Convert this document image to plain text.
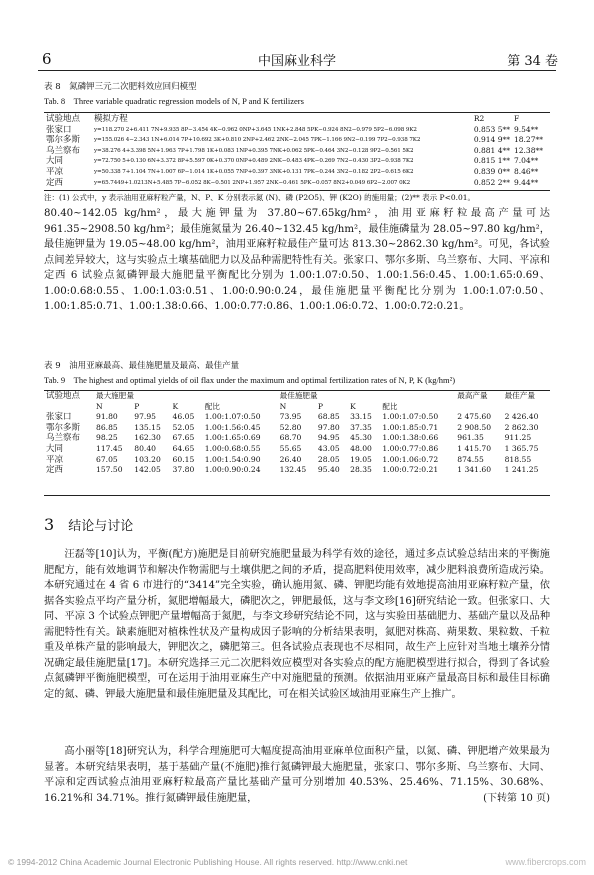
6	中国麻业科学	第 34 卷
表 8　氮磷钾三元二次肥料效应回归模型
Tab. 8　Three variable quadratic regression models of N, P and K fertilizers
试验地点	模拟方程	R2	F
张家口	y=118.270 2+6.411 7N+9.935 8P−3.454 4K−0.962 0NP+3.645 1NK+2.848 5PK−0.924 8N2−0.979 5P2−6.098 9K2	0.853 5**	9.54**
鄂尔多斯	y=155.026 4−2.343 1N+6.014 7P+10.692 3K+0.810 2NP+2.462 2NK−2.045 7PK−1.166 9N2−0.199 7P2−0.938 7K2	0.914 9**	18.27**
乌兰察布	y=38.276 4+3.398 5N+1.963 7P+1.798 1K+0.083 1NP+0.395 7NK+0.062 5PK−0.464 3N2−0.128 9P2−0.561 5K2	0.881 4**	12.38**
大同	y=72.750 5+0.130 6N+3.372 8P+5.597 0K+0.370 0NP+0.489 2NK−0.483 4PK−0.269 7N2−0.430 3P2−0.938 7K2	0.815 1**	7.04**
平凉	y=50.338 7+1.104 7N+1.007 6P−1.014 1K+0.055 7NP+0.397 3NK+0.131 7PK−0.244 3N2−0.182 2P2−0.615 6K2	0.839 0**	8.46**
定西	y=65.7449+1.0213N+5.485 7P−6.052 8K−0.501 2NP+1.957 2NK−0.461 5PK−0.057 8N2+0.049 6P2−2.007 0K2	0.852 2**	9.44**
注：(1) 公式中，y 表示油用亚麻籽粒产量，N、P、K 分别表示氮 (N)、磷 (P2O5)、钾 (K2O) 的施用量；(2)** 表示 P<0.01。
80.40~142.05 kg/hm²，最大施钾量为 37.80~67.65kg/hm²，油用亚麻籽粒最高产量可达 961.35~2908.50 kg/hm²；最佳施氮量为 26.40~132.45 kg/hm²，最佳施磷量为 28.05~97.80 kg/hm²，最佳施钾量为 19.05~48.00 kg/hm²，油用亚麻籽粒最佳产量可达 813.30~2862.30 kg/hm²。可见，各试验点间差异较大，这与实验点土壤基础肥力以及品种需肥特性有关。张家口、鄂尔多斯、乌兰察布、大同、平凉和定西 6 试验点氮磷钾最大施肥量平衡配比分别为 1.00:1.07:0.50、1.00:1.56:0.45、1.00:1.65:0.69、1.00:0.68:0.55、1.00:1.03:0.51、1.00:0.90:0.24，最佳施肥量平衡配比分别为 1.00:1.07:0.50、1.00:1.85:0.71、1.00:1.38:0.66、1.00:0.77:0.86、1.00:1.06:0.72、1.00:0.72:0.21。
表 9　油用亚麻最高、最佳施肥量及最高、最佳产量
Tab. 9　The highest and optimal yields of oil flax under the maximum and optimal fertilization rates of N, P, K (kg/hm²)
试验地点	最大施肥量				最佳施肥量				最高产量	最佳产量
	N	P	K	配比	N	P	K	配比		
张家口	91.80	97.95	46.05	1.00:1.07:0.50	73.95	68.85	33.15	1.00:1.07:0.50	2 475.60	2 426.40
鄂尔多斯	86.85	135.15	52.05	1.00:1.56:0.45	52.80	97.80	37.35	1.00:1.85:0.71	2 908.50	2 862.30
乌兰察布	98.25	162.30	67.65	1.00:1.65:0.69	68.70	94.95	45.30	1.00:1.38:0.66	961.35	911.25
大同	117.45	80.40	64.65	1.00:0.68:0.55	55.65	43.05	48.00	1.00:0.77:0.86	1 415.70	1 365.75
平凉	67.05	103.20	60.15	1.00:1.54:0.90	26.40	28.05	19.05	1.00:1.06:0.72	874.55	818.55
定西	157.50	142.05	37.80	1.00:0.90:0.24	132.45	95.40	28.35	1.00:0.72:0.21	1 341.60	1 241.25
3 结论与讨论
汪磊等[10]认为，平衡(配方)施肥是目前研究施肥量最为科学有效的途径，通过多点试验总结出来的平衡施肥配方，能有效地调节和解决作物需肥与土壤供肥之间的矛盾，提高肥料使用效率，减少肥料浪费所造成污染。本研究通过在 4 省 6 市进行的“3414”完全实验，确认施用氮、磷、钾肥均能有效地提高油用亚麻籽粒产量，依据各实验点平均产量分析，氮肥增幅最大，磷肥次之，钾肥最低，这与李文珍[16]研究结论一致。但张家口、大同、平凉 3 个试验点钾肥产量增幅高于氮肥，与李文珍研究结论不同，这与实验田基础肥力、基础产量以及品种需肥特性有关。缺素施肥对植株性状及产量构成因子影响的分析结果表明，氮肥对株高、蒴果数、果粒数、千粒重及单株产量的影响最大，钾肥次之，磷肥第三。但各试验点表现也不尽相同，故生产上应针对当地土壤养分情况确定最佳施肥量[17]。本研究选择三元二次肥料效应模型对各实验点的配方施肥模型进行拟合，得到了各试验点氮磷钾平衡施肥模型，可在运用于油用亚麻生产中对施肥量的预测。依据油用亚麻产量最高目标和最佳目标确定的氮、磷、钾最大施肥量和最佳施肥量及其配比，可在相关试验区域油用亚麻生产上推广。
高小丽等[18]研究认为，科学合理施肥可大幅度提高油用亚麻单位面积产量，以氮、磷、钾肥增产效果最为显著。本研究结果表明，基于基础产量(不施肥)推行氮磷钾最大施肥量，张家口、鄂尔多斯、乌兰察布、大同、平凉和定西试验点油用亚麻籽粒最高产量比基础产量可分别增加 40.53%、25.46%、71.15%、30.68%、16.21%和 34.71%。推行氮磷钾最佳施肥量，	(下转第 10 页)
© 1994-2012 China Academic Journal Electronic Publishing House. All rights reserved. http://www.cnki.net	www.fibercrops.com
